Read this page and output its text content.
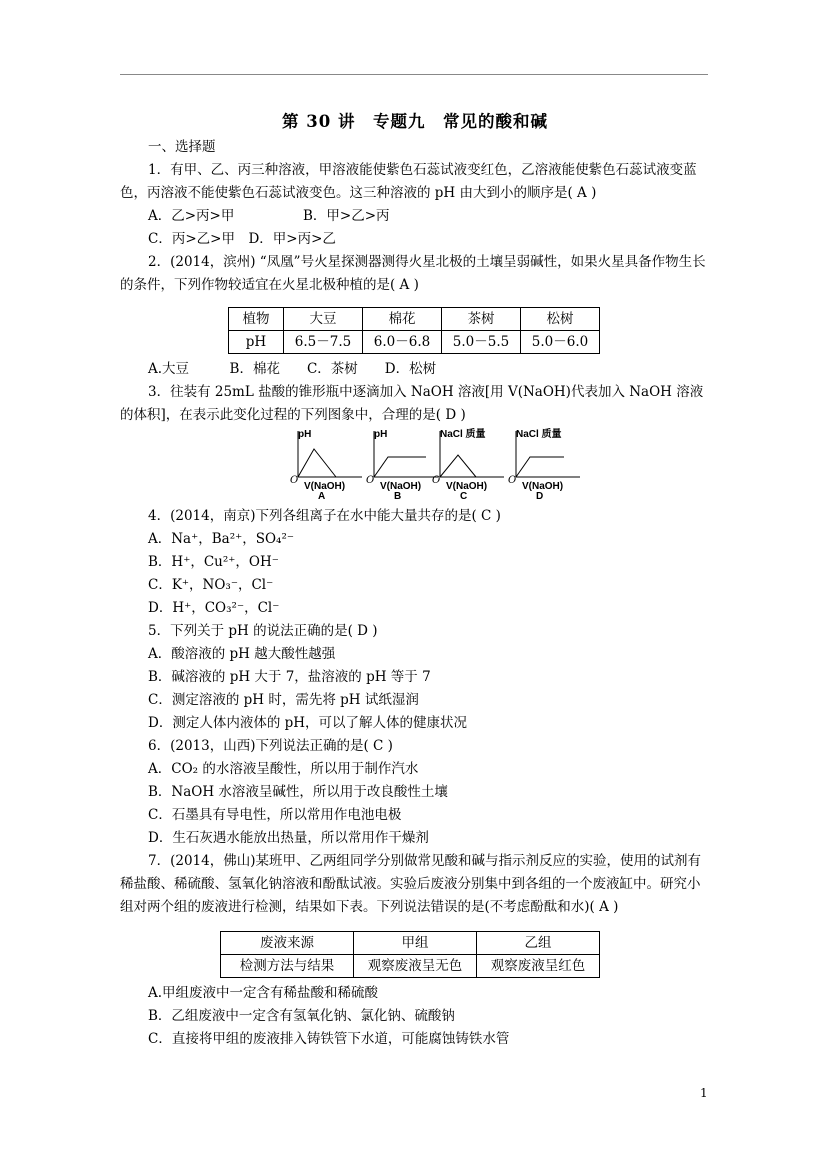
第 30 讲　专题九　常见的酸和碱

一、选择题

1．有甲、乙、丙三种溶液，甲溶液能使紫色石蕊试液变红色，乙溶液能使紫色石蕊试液变蓝色，丙溶液不能使紫色石蕊试液变色。这三种溶液的 pH 由大到小的顺序是( A )

A．乙>丙>甲	B．甲>乙>丙

C．丙>乙>甲　D．甲>丙>乙

2．(2014，滨州) “凤凰”号火星探测器测得火星北极的土壤呈弱碱性，如果火星具备作物生长的条件，下列作物较适宜在火星北极种植的是( A )

植物	大豆	棉花	茶树	松树
pH	6.5－7.5	6.0－6.8	5.0－5.5	5.0－6.0

A.大豆　　　B．棉花　　C．茶树　　D．松树

3．往装有 25mL 盐酸的锥形瓶中逐滴加入 NaOH 溶液[用 V(NaOH)代表加入 NaOH 溶液的体积]，在表示此变化过程的下列图象中，合理的是( D )

pH
O
V(NaOH)
A
pH
O
V(NaOH)
B
NaCl 质量
O
V(NaOH)
C
NaCl 质量
O
V(NaOH)
D

4．(2014，南京)下列各组离子在水中能大量共存的是( C )

A．Na⁺，Ba²⁺，SO₄²⁻

B．H⁺，Cu²⁺，OH⁻

C．K⁺，NO₃⁻，Cl⁻

D．H⁺，CO₃²⁻，Cl⁻

5．下列关于 pH 的说法正确的是( D )

A．酸溶液的 pH 越大酸性越强

B．碱溶液的 pH 大于 7，盐溶液的 pH 等于 7

C．测定溶液的 pH 时，需先将 pH 试纸湿润

D．测定人体内液体的 pH，可以了解人体的健康状况

6．(2013，山西)下列说法正确的是( C )

A．CO₂ 的水溶液呈酸性，所以用于制作汽水

B．NaOH 水溶液呈碱性，所以用于改良酸性土壤

C．石墨具有导电性，所以常用作电池电极

D．生石灰遇水能放出热量，所以常用作干燥剂

7．(2014，佛山)某班甲、乙两组同学分别做常见酸和碱与指示剂反应的实验，使用的试剂有稀盐酸、稀硫酸、氢氧化钠溶液和酚酞试液。实验后废液分别集中到各组的一个废液缸中。研究小组对两个组的废液进行检测，结果如下表。下列说法错误的是(不考虑酚酞和水)( A )

废液来源	甲组	乙组
检测方法与结果	观察废液呈无色	观察废液呈红色

A.甲组废液中一定含有稀盐酸和稀硫酸

B．乙组废液中一定含有氢氧化钠、氯化钠、硫酸钠

C．直接将甲组的废液排入铸铁管下水道，可能腐蚀铸铁水管

1
